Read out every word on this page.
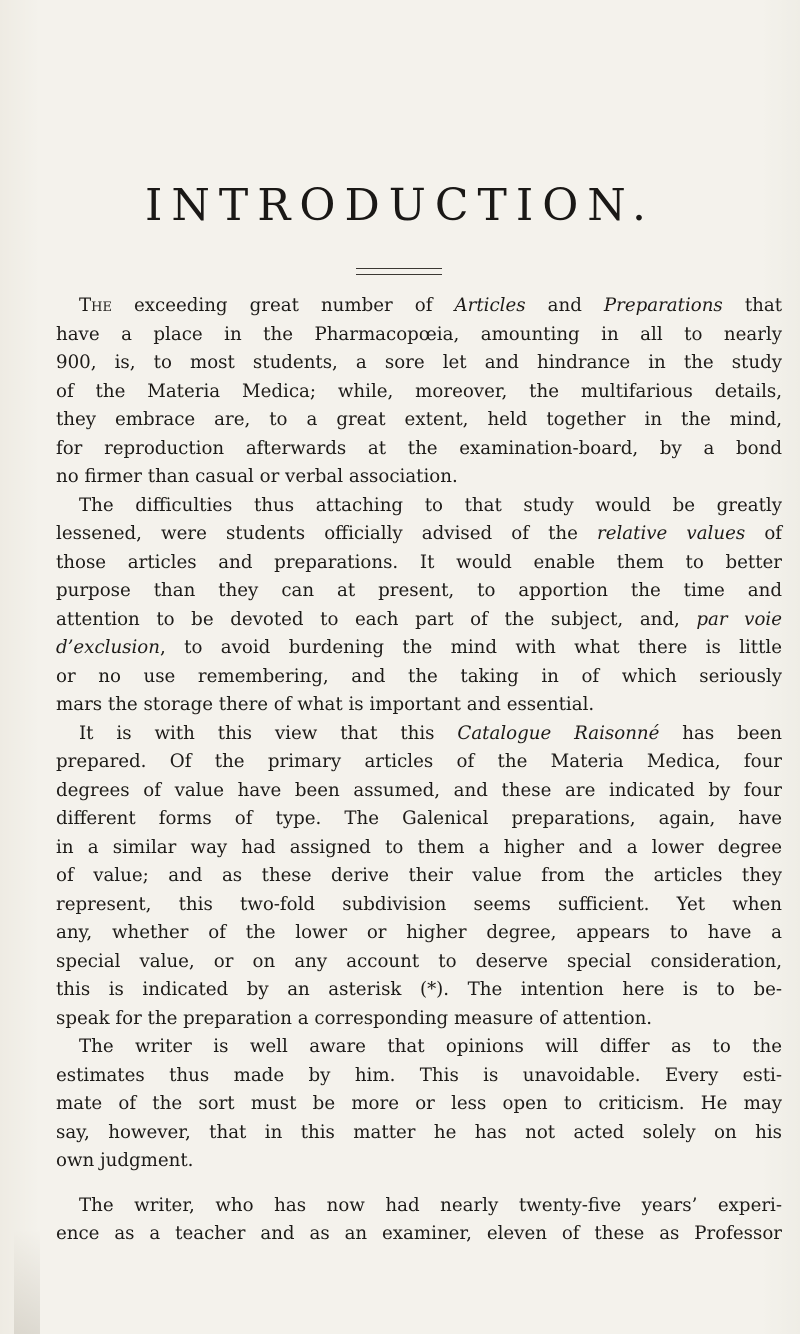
INTRODUCTION.
The exceeding great number of Articles and Preparations that
have a place in the Pharmacopœia, amounting in all to nearly
900, is, to most students, a sore let and hindrance in the study
of the Materia Medica; while, moreover, the multifarious details,
they embrace are, to a great extent, held together in the mind,
for reproduction afterwards at the examination-board, by a bond
no firmer than casual or verbal association.
The difficulties thus attaching to that study would be greatly
lessened, were students officially advised of the relative values of
those articles and preparations. It would enable them to better
purpose than they can at present, to apportion the time and
attention to be devoted to each part of the subject, and, par voie
d’exclusion, to avoid burdening the mind with what there is little
or no use remembering, and the taking in of which seriously
mars the storage there of what is important and essential.
It is with this view that this Catalogue Raisonné has been
prepared. Of the primary articles of the Materia Medica, four
degrees of value have been assumed, and these are indicated by four
different forms of type. The Galenical preparations, again, have
in a similar way had assigned to them a higher and a lower degree
of value; and as these derive their value from the articles they
represent, this two-fold subdivision seems sufficient. Yet when
any, whether of the lower or higher degree, appears to have a
special value, or on any account to deserve special consideration,
this is indicated by an asterisk (*). The intention here is to be-
speak for the preparation a corresponding measure of attention.
The writer is well aware that opinions will differ as to the
estimates thus made by him. This is unavoidable. Every esti-
mate of the sort must be more or less open to criticism. He may
say, however, that in this matter he has not acted solely on his
own judgment.
The writer, who has now had nearly twenty-five years’ experi-
ence as a teacher and as an examiner, eleven of these as Professor
